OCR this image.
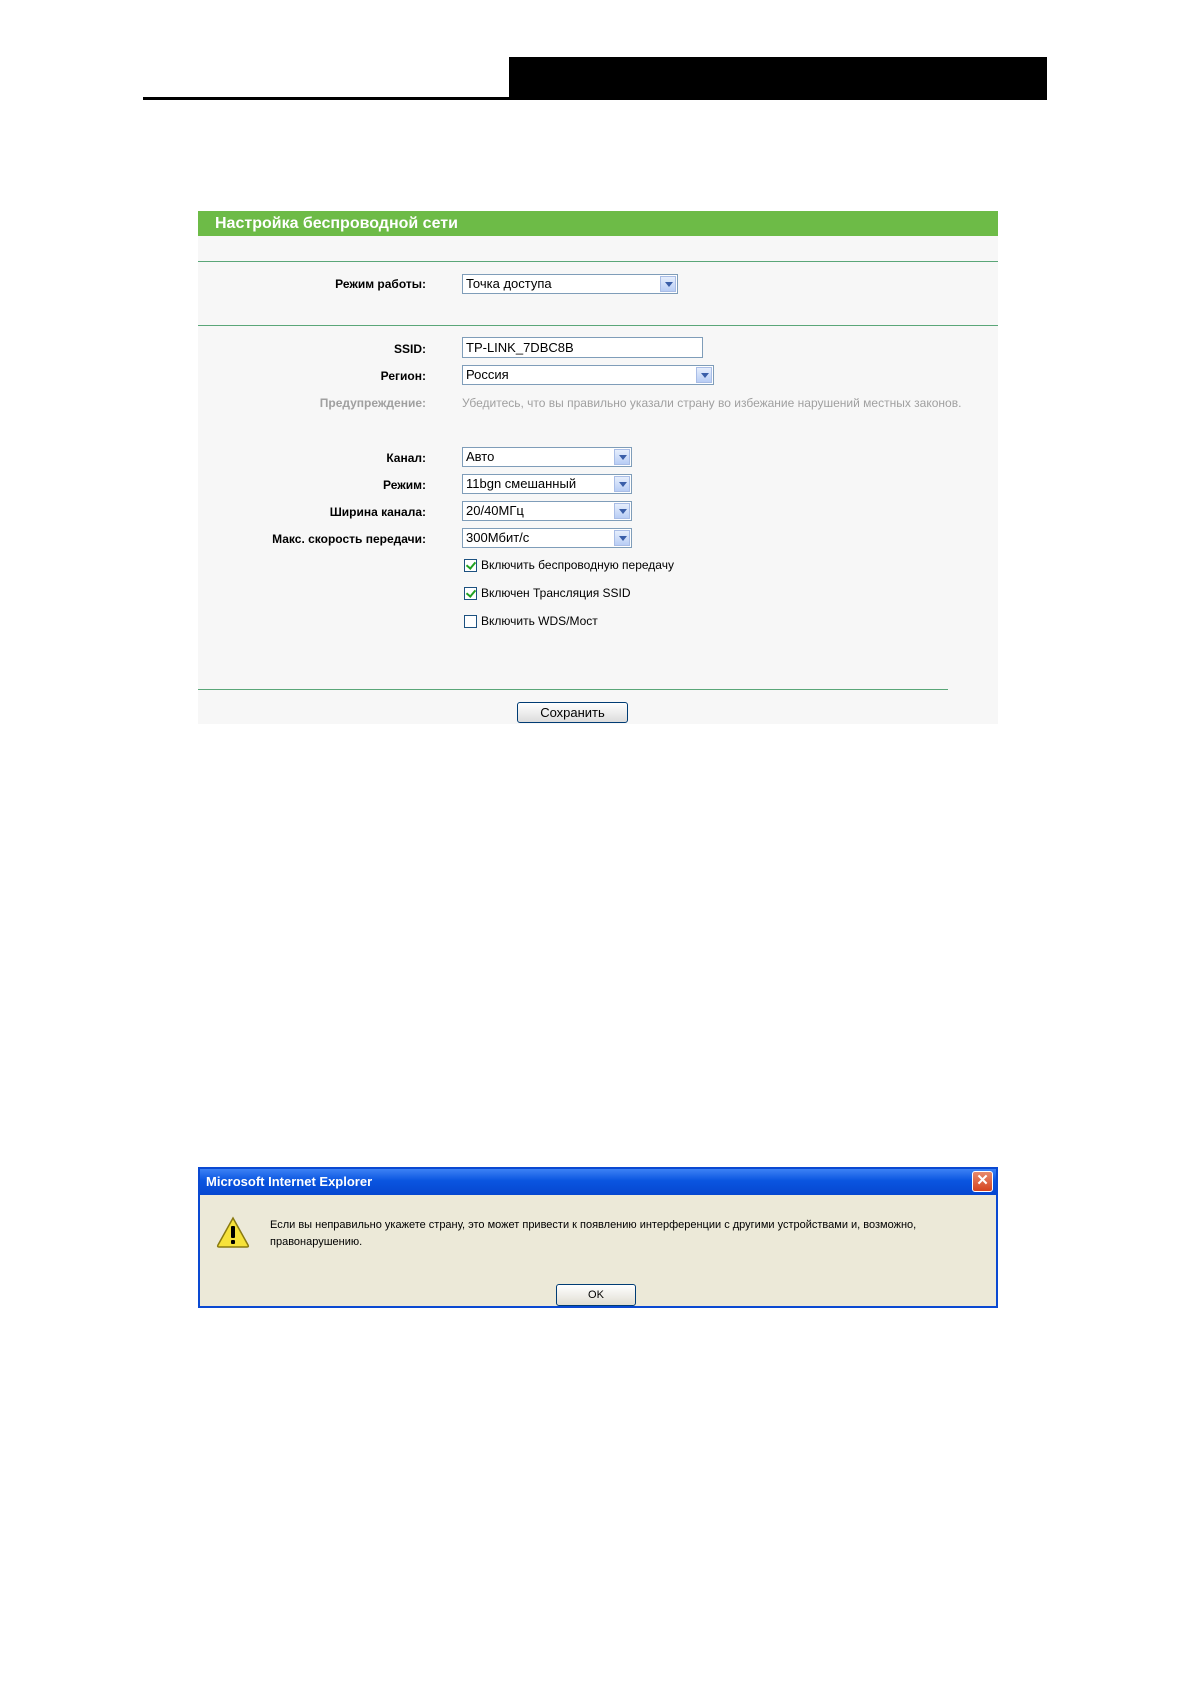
Настройка беспроводной сети
Режим работы:	Точка доступа
SSID:
TP-LINK_7DBC8B
Регион:	Россия
Предупреждение:	Убедитесь, что вы правильно указали страну во избежание нарушений местных законов.
Канал:	Авто
Режим:	11bgn смешанный
Ширина канала:	20/40МГц
Макс. скорость передачи:	300Мбит/с
Включить беспроводную передачу
Включен Трансляция SSID
Включить WDS/Мост
Сохранить
Microsoft Internet Explorer	✕
Если вы неправильно укажете страну, это может привести к появлению интерференции с другими устройствами и, возможно, правонарушению.
OK
